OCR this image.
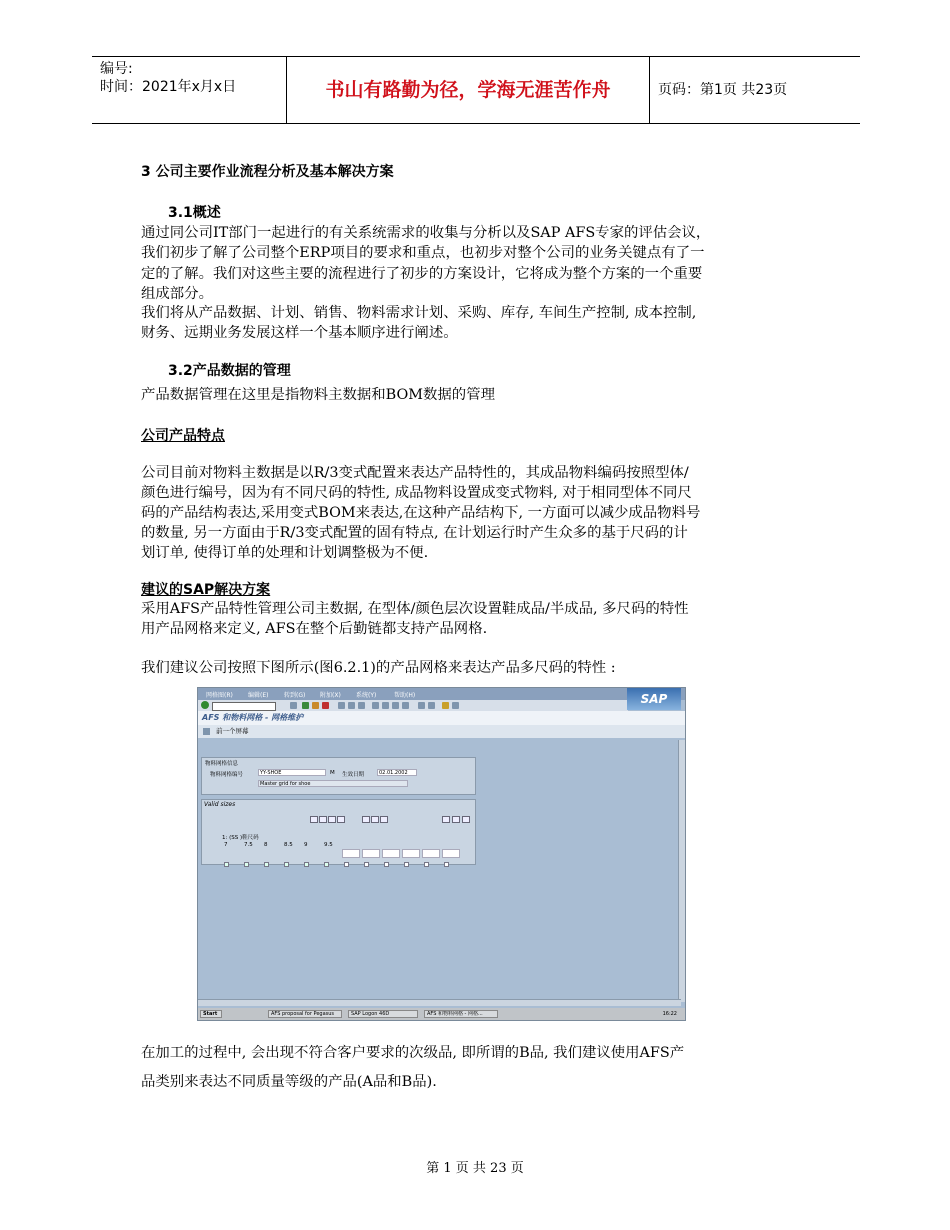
编号:
时间：2021年x月x日	书山有路勤为径，学海无涯苦作舟	页码：第1页 共23页
3 公司主要作业流程分析及基本解决方案
3.1概述
通过同公司IT部门一起进行的有关系统需求的收集与分析以及SAP AFS专家的评估会议，
我们初步了解了公司整个ERP项目的要求和重点，也初步对整个公司的业务关键点有了一
定的了解。我们对这些主要的流程进行了初步的方案设计，它将成为整个方案的一个重要
组成部分。
我们将从产品数据、计划、销售、物料需求计划、采购、库存, 车间生产控制, 成本控制,
财务、远期业务发展这样一个基本顺序进行阐述。
3.2产品数据的管理
产品数据管理在这里是指物料主数据和BOM数据的管理
公司产品特点
公司目前对物料主数据是以R/3变式配置来表达产品特性的，其成品物料编码按照型体/
颜色进行编号，因为有不同尺码的特性, 成品物料设置成变式物料, 对于相同型体不同尺
码的产品结构表达,采用变式BOM来表达,在这种产品结构下, 一方面可以减少成品物料号
的数量, 另一方面由于R/3变式配置的固有特点, 在计划运行时产生众多的基于尺码的计
划订单, 使得订单的处理和计划调整极为不便.
建议的SAP解决方案
采用AFS产品特性管理公司主数据, 在型体/颜色层次设置鞋成品/半成品, 多尺码的特性
用产品网格来定义, AFS在整个后勤链都支持产品网格.
我们建议公司按照下图所示(图6.2.1)的产品网格来表达产品多尺码的特性 :
网格图(R)	编辑(E)	转到(G) 附加(X)	系统(Y)	帮助(H)	SAP
AFS 和物料网格 - 网格维护
前一个屏幕
物料网格信息
物料网格编号	YY-SHOE	M 生效日期	02.01.2002
Master grid for shoe
Valid sizes
1: (SS )鞋尺码
7	7.5 8	8.5 9	9.5
Start	AFS proposal for Pegasus	SAP Logon 46D	AFS 和物料网格 - 网格...	16:22
在加工的过程中, 会出现不符合客户要求的次级品, 即所谓的B品, 我们建议使用AFS产
品类别来表达不同质量等级的产品(A品和B品).
第 1 页 共 23 页
